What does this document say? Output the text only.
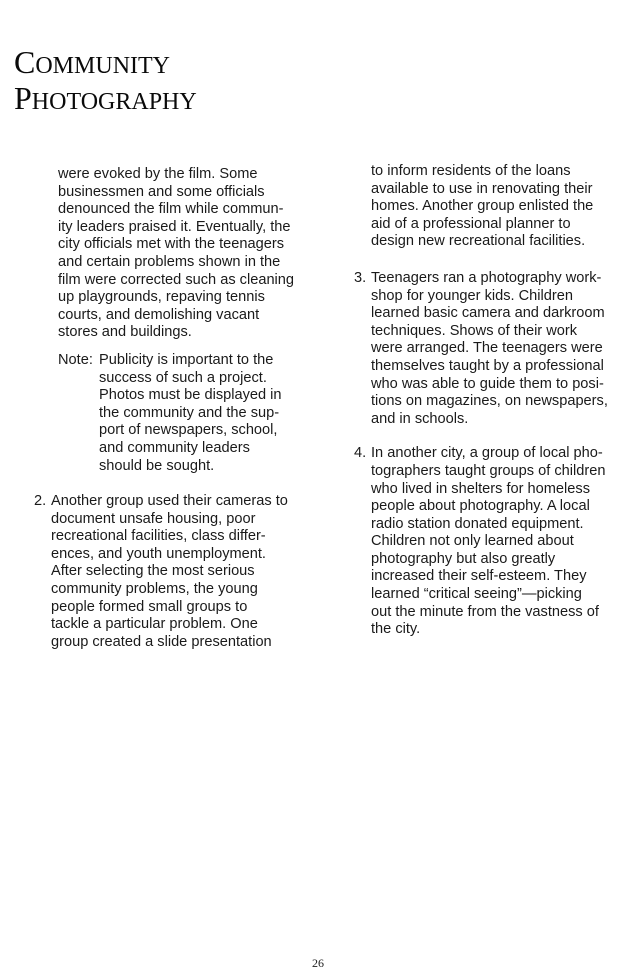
COMMUNITY
PHOTOGRAPHY
were evoked by the film. Some
businessmen and some officials
denounced the film while commun-
ity leaders praised it. Eventually, the
city officials met with the teenagers
and certain problems shown in the
film were corrected such as cleaning
up playgrounds, repaving tennis
courts, and demolishing vacant
stores and buildings.
Note: Publicity is important to the
success of such a project.
Photos must be displayed in
the community and the sup-
port of newspapers, school,
and community leaders
should be sought.
2. Another group used their cameras to
document unsafe housing, poor
recreational facilities, class differ-
ences, and youth unemployment.
After selecting the most serious
community problems, the young
people formed small groups to
tackle a particular problem. One
group created a slide presentation
to inform residents of the loans
available to use in renovating their
homes. Another group enlisted the
aid of a professional planner to
design new recreational facilities.
3. Teenagers ran a photography work-
shop for younger kids. Children
learned basic camera and darkroom
techniques. Shows of their work
were arranged. The teenagers were
themselves taught by a professional
who was able to guide them to posi-
tions on magazines, on newspapers,
and in schools.
4. In another city, a group of local pho-
tographers taught groups of children
who lived in shelters for homeless
people about photography. A local
radio station donated equipment.
Children not only learned about
photography but also greatly
increased their self-esteem. They
learned “critical seeing”—picking
out the minute from the vastness of
the city.
26
